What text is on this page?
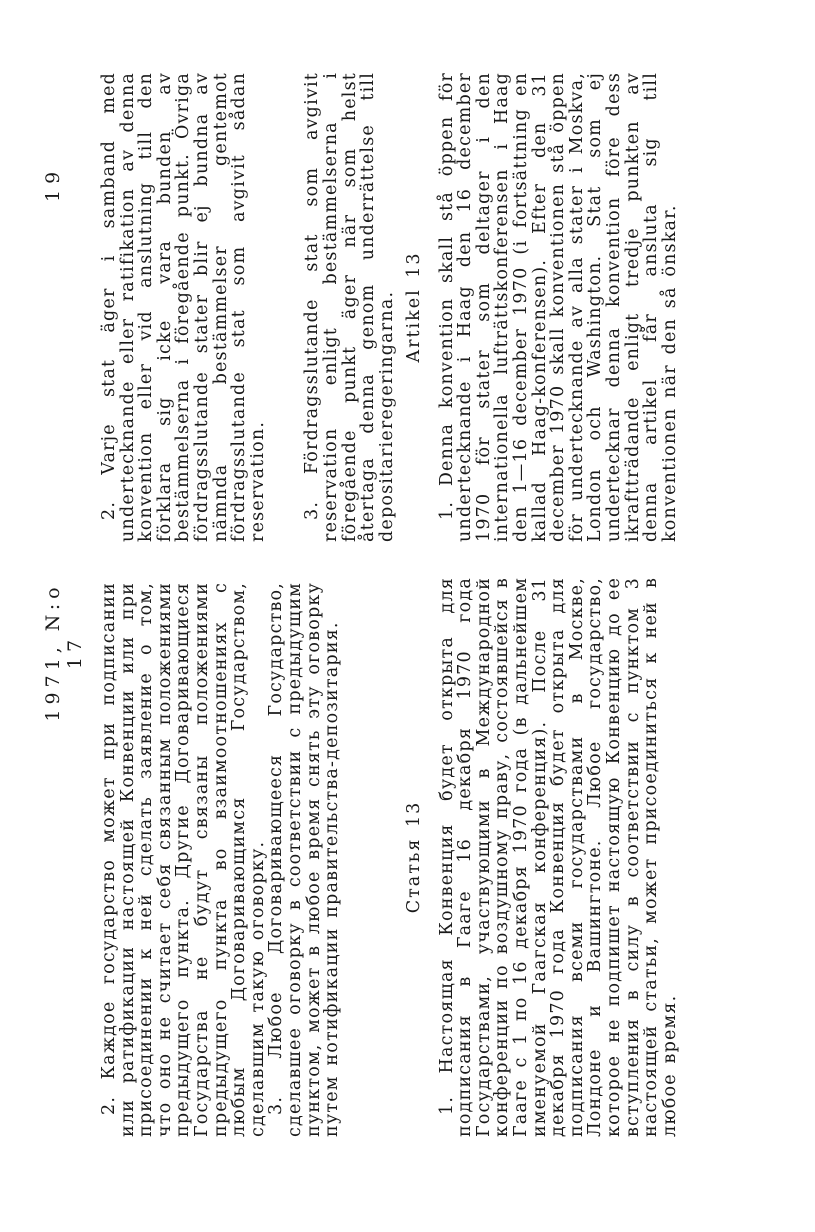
1971, N:o 17
19

2. Каждое государство может при подписании или ратификации настоящей Конвенции или при присоединении к ней сделать заявление о том, что оно не считает себя связанным положениями предыдущего пункта. Другие Договаривающиеся Государства не будут связаны положениями предыдущего пункта во взаимоотношениях с любым Договаривающимся Государством, сделавшим такую оговорку.

3. Любое Договаривающееся Государство, сделавшее оговорку в соответствии с предыдущим пунктом, может в любое время снять эту оговорку путем нотификации правительства-депозитария.	Статья 13 1. Настоящая Конвенция будет открыта для подписания в Гааге 16 декабря 1970 года Государствами, участвующими в Международной конференции по воздушному праву, состоявшейся в Гааге с 1 по 16 декабря 1970 года (в дальнейшем именуемой Гаагская конференция). После 31 декабря 1970 года Конвенция будет открыта для подписания всеми государствами в Москве, Лондоне и Вашингтоне. Любое государство, которое не подпишет настоящую Конвенцию до ее вступления в силу в соответствии с пунктом 3 настоящей статьи, может присоединиться к ней в любое время.

2. Varje stat äger i samband med undertecknande eller ratifikation av denna konvention eller vid anslutning till den förklara sig icke vara bunden av bestämmelserna i föregående punkt. Övriga fördragsslutande stater blir ej bundna av nämnda bestämmelser gentemot fördragsslutande stat som avgivit sådan reservation. 3. Fördragsslutande stat som avgivit reservation enligt bestämmelserna i föregående punkt äger när som helst återtaga denna genom underrättelse till depositarieregeringarna. Artikel 13 1. Denna konvention skall stå öppen för undertecknande i Haag den 16 december 1970 för stater som deltager i den internationella lufträttskonferensen i Haag den 1—16 december 1970 (i fortsättning en kallad Haag-konferensen). Efter den 31 december 1970 skall konventionen stå öppen för undertecknande av alla stater i Moskva, London och Washington. Stat som ej undertecknar denna konvention före dess ikraftträdande enligt tredje punkten av denna artikel får ansluta sig till konventionen när den så önskar.
